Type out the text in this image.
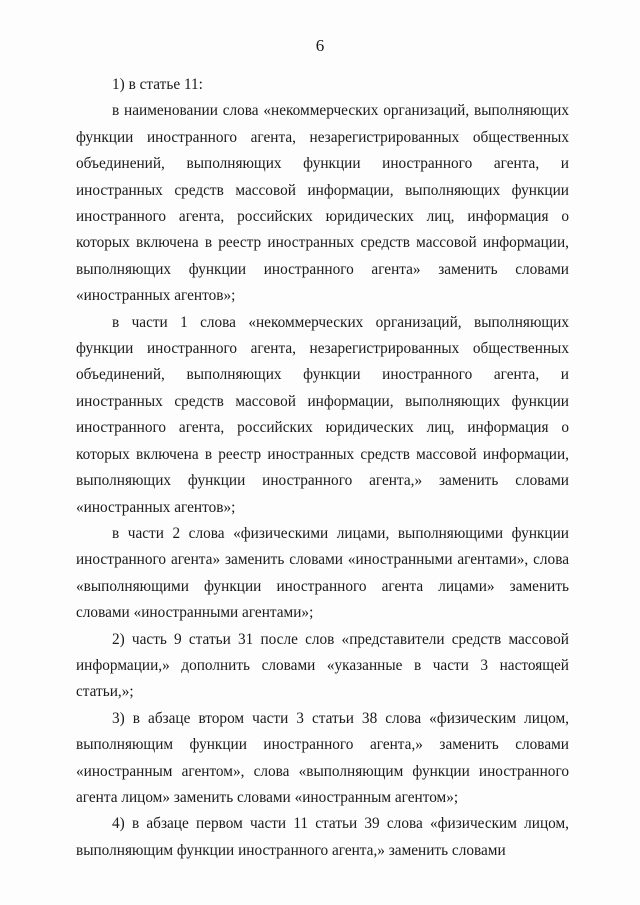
6

1) в статье 11:

в наименовании слова «некоммерческих организаций, выполняющих функции иностранного агента, незарегистрированных общественных объединений, выполняющих функции иностранного агента, и иностранных средств массовой информации, выполняющих функции иностранного агента, российских юридических лиц, информация о которых включена в реестр иностранных средств массовой информации, выполняющих функции иностранного агента» заменить словами «иностранных агентов»;

в части 1 слова «некоммерческих организаций, выполняющих функции иностранного агента, незарегистрированных общественных объединений, выполняющих функции иностранного агента, и иностранных средств массовой информации, выполняющих функции иностранного агента, российских юридических лиц, информация о которых включена в реестр иностранных средств массовой информации, выполняющих функции иностранного агента,» заменить словами «иностранных агентов»;

в части 2 слова «физическими лицами, выполняющими функции иностранного агента» заменить словами «иностранными агентами», слова «выполняющими функции иностранного агента лицами» заменить словами «иностранными агентами»;

2) часть 9 статьи 31 после слов «представители средств массовой информации,» дополнить словами «указанные в части 3 настоящей статьи,»;

3) в абзаце втором части 3 статьи 38 слова «физическим лицом, выполняющим функции иностранного агента,» заменить словами «иностранным агентом», слова «выполняющим функции иностранного агента лицом» заменить словами «иностранным агентом»;

4) в абзаце первом части 11 статьи 39 слова «физическим лицом, выполняющим функции иностранного агента,» заменить словами
